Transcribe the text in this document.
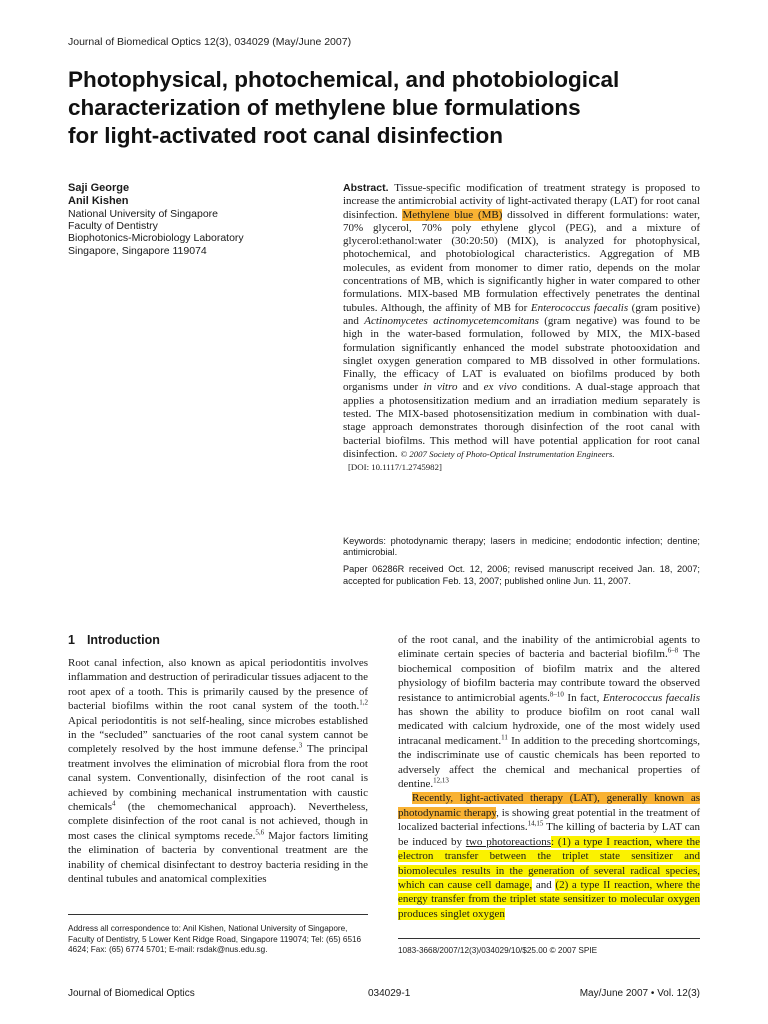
Journal of Biomedical Optics 12(3), 034029 (May/June 2007)
Photophysical, photochemical, and photobiological
characterization of methylene blue formulations
for light-activated root canal disinfection
Saji George
Anil Kishen
National University of Singapore
Faculty of Dentistry
Biophotonics-Microbiology Laboratory
Singapore, Singapore 119074
Abstract. Tissue-specific modification of treatment strategy is proposed to increase the antimicrobial activity of light-activated therapy (LAT) for root canal disinfection. Methylene blue (MB) dissolved in different formulations: water, 70% glycerol, 70% poly ethylene glycol (PEG), and a mixture of glycerol:ethanol:water (30:20:50) (MIX), is analyzed for photophysical, photochemical, and photobiological characteristics. Aggregation of MB molecules, as evident from monomer to dimer ratio, depends on the molar concentrations of MB, which is significantly higher in water compared to other formulations. MIX-based MB formulation effectively penetrates the dentinal tubules. Although, the affinity of MB for Enterococcus faecalis (gram positive) and Actinomycetes actinomycetemcomitans (gram negative) was found to be high in the water-based formulation, followed by MIX, the MIX-based formulation significantly enhanced the model substrate photooxidation and singlet oxygen generation compared to MB dissolved in other formulations. Finally, the efficacy of LAT is evaluated on biofilms produced by both organisms under in vitro and ex vivo conditions. A dual-stage approach that applies a photosensitization medium and an irradiation medium separately is tested. The MIX-based photosensitization medium in combination with dual-stage approach demonstrates thorough disinfection of the root canal with bacterial biofilms. This method will have potential application for root canal disinfection. © 2007 Society of Photo-Optical Instrumentation Engineers.
[DOI: 10.1117/1.2745982]

Keywords: photodynamic therapy; lasers in medicine; endodontic infection; dentine; antimicrobial.

Paper 06286R received Oct. 12, 2006; revised manuscript received Jan. 18, 2007; accepted for publication Feb. 13, 2007; published online Jun. 11, 2007.

1 Introduction

Root canal infection, also known as apical periodontitis involves inflammation and destruction of periradicular tissues adjacent to the root apex of a tooth. This is primarily caused by the presence of bacterial biofilms within the root canal system of the tooth.$^{1,2}$ Apical periodontitis is not self-healing, since microbes established in the “secluded” sanctuaries of the root canal system cannot be completely resolved by the host immune defense.$^3$ The principal treatment involves the elimination of microbial flora from the root canal system. Conventionally, disinfection of the root canal is achieved by combining mechanical instrumentation with caustic chemicals$^4$ (the chemomechanical approach). Nevertheless, complete disinfection of the root canal is not achieved, though in most cases the clinical symptoms recede.$^{5,6}$ Major factors limiting the elimination of bacteria by conventional treatment are the inability of chemical disinfectant to destroy bacteria residing in the dentinal tubules and anatomical complexities

of the root canal, and the inability of the antimicrobial agents to eliminate certain species of bacteria and bacterial biofilm.$^{6-8}$ The biochemical composition of biofilm matrix and the altered physiology of biofilm bacteria may contribute toward the observed resistance to antimicrobial agents.$^{8-10}$ In fact, Enterococcus faecalis has shown the ability to produce biofilm on root canal wall medicated with calcium hydroxide, one of the most widely used intracanal medicament.$^{11}$ In addition to the preceding shortcomings, the indiscriminate use of caustic chemicals has been reported to adversely affect the chemical and mechanical properties of dentine.$^{12,13}$

Recently, light-activated therapy (LAT), generally known as photodynamic therapy, is showing great potential in the treatment of localized bacterial infections.$^{14,15}$ The killing of bacteria by LAT can be induced by two photoreactions: (1) a type I reaction, where the electron transfer between the triplet state sensitizer and biomolecules results in the generation of several radical species, which can cause cell damage, and (2) a type II reaction, where the energy transfer from the triplet state sensitizer to molecular oxygen produces singlet oxygen

Address all correspondence to: Anil Kishen, National University of Singapore, Faculty of Dentistry, 5 Lower Kent Ridge Road, Singapore 119074; Tel: (65) 6516 4624; Fax: (65) 6774 5701; E-mail: rsdak@nus.edu.sg.	1083-3668/2007/12(3)/034029/10/$25.00 © 2007 SPIE
Journal of Biomedical Optics	034029-1	May/June 2007 • Vol. 12(3)
